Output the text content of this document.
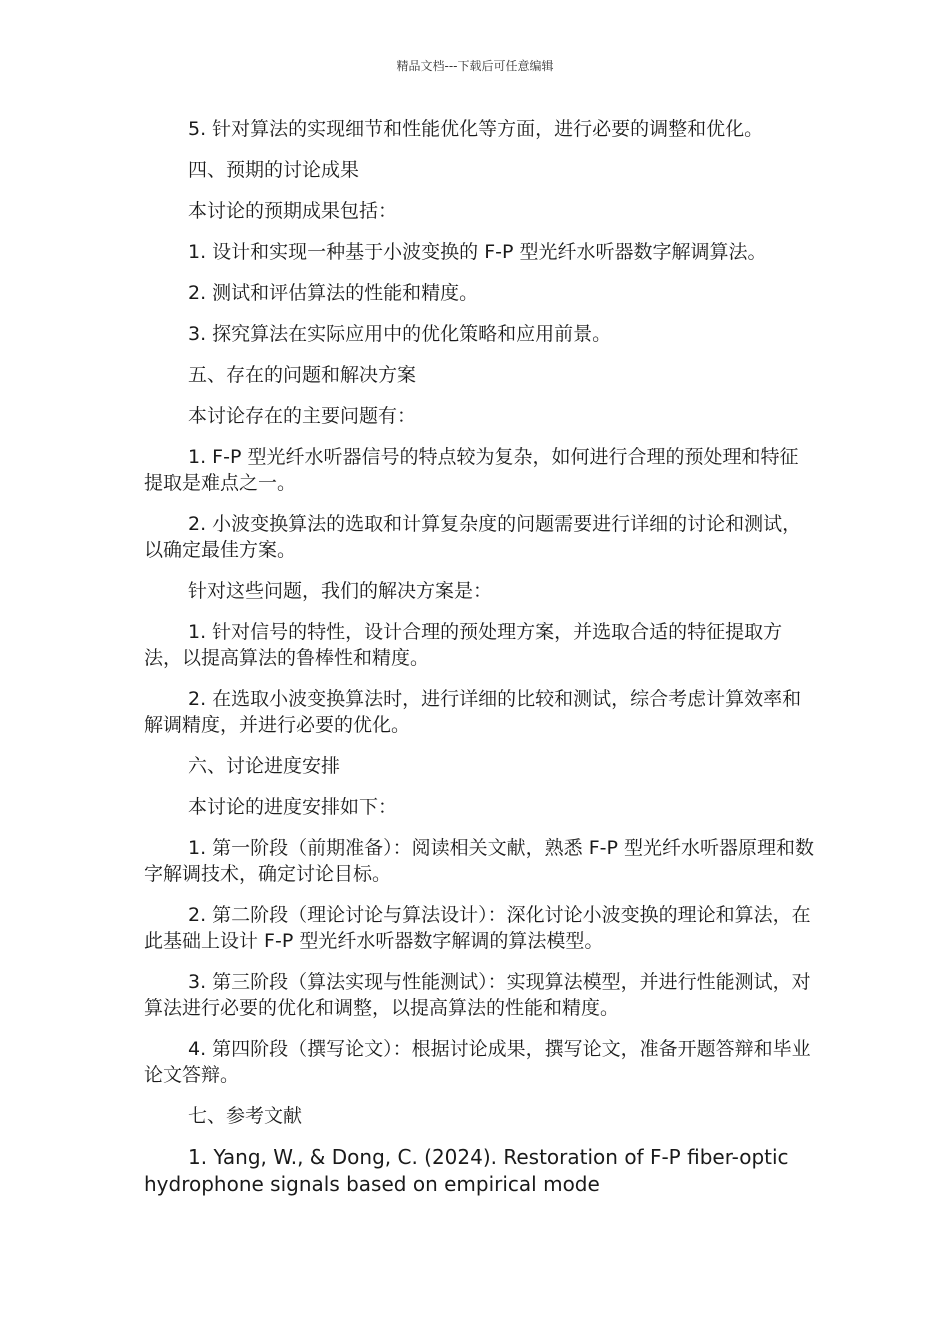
精品文档---下载后可任意编辑

5. 针对算法的实现细节和性能优化等方面，进行必要的调整和优化。

四、预期的讨论成果

本讨论的预期成果包括：

1. 设计和实现一种基于小波变换的 F-P 型光纤水听器数字解调算法。

2. 测试和评估算法的性能和精度。

3. 探究算法在实际应用中的优化策略和应用前景。

五、存在的问题和解决方案

本讨论存在的主要问题有：

1. F-P 型光纤水听器信号的特点较为复杂，如何进行合理的预处理和特征提取是难点之一。

2. 小波变换算法的选取和计算复杂度的问题需要进行详细的讨论和测试，以确定最佳方案。

针对这些问题，我们的解决方案是：

1. 针对信号的特性，设计合理的预处理方案，并选取合适的特征提取方法，以提高算法的鲁棒性和精度。

2. 在选取小波变换算法时，进行详细的比较和测试，综合考虑计算效率和解调精度，并进行必要的优化。

六、讨论进度安排

本讨论的进度安排如下：

1. 第一阶段（前期准备）：阅读相关文献，熟悉 F-P 型光纤水听器原理和数字解调技术，确定讨论目标。

2. 第二阶段（理论讨论与算法设计）：深化讨论小波变换的理论和算法，在此基础上设计 F-P 型光纤水听器数字解调的算法模型。

3. 第三阶段（算法实现与性能测试）：实现算法模型，并进行性能测试，对算法进行必要的优化和调整，以提高算法的性能和精度。

4. 第四阶段（撰写论文）：根据讨论成果，撰写论文，准备开题答辩和毕业论文答辩。

七、参考文献

1. Yang, W., & Dong, C. (2024). Restoration of F-P fiber-optic hydrophone signals based on empirical mode
